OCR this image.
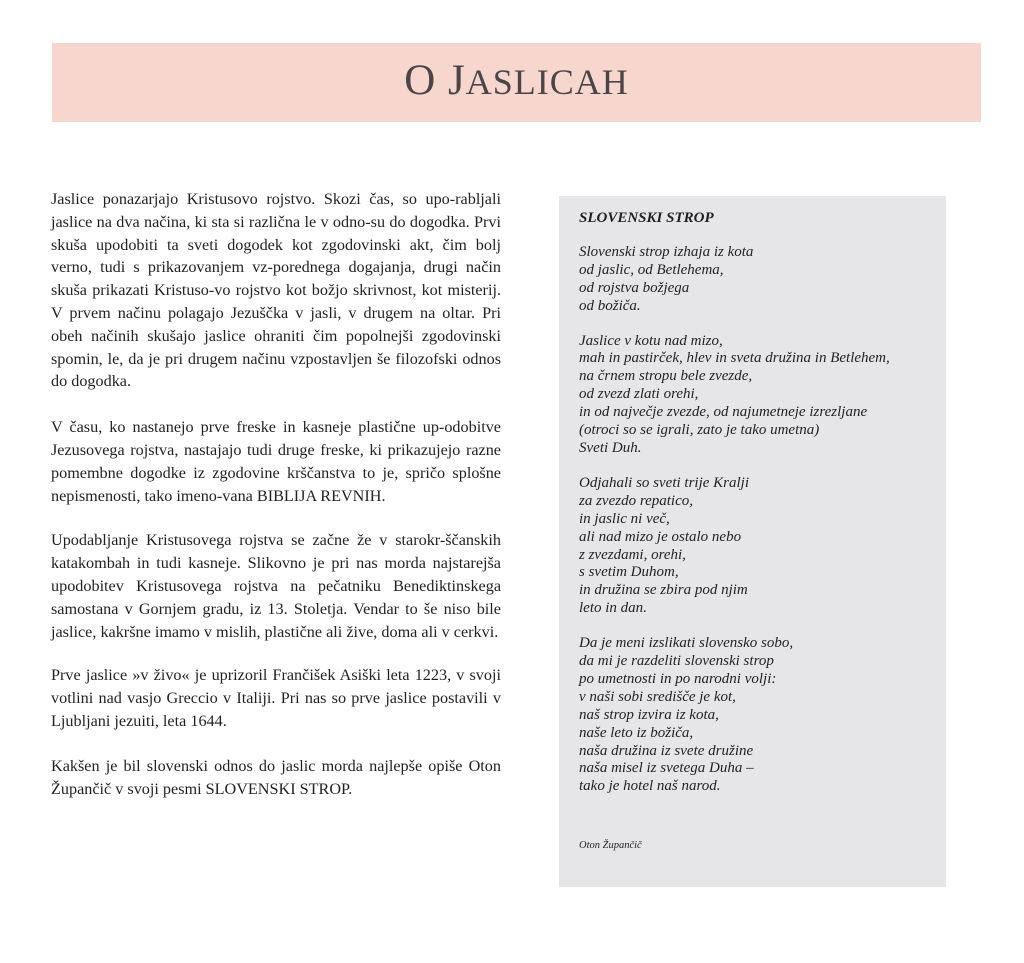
O JASLICAH

Jaslice ponazarjajo Kristusovo rojstvo. Skozi čas, so upo-rabljali jaslice na dva načina, ki sta si različna le v odno-su do dogodka. Prvi skuša upodobiti ta sveti dogodek kot zgodovinski akt, čim bolj verno, tudi s prikazovanjem vz-porednega dogajanja, drugi način skuša prikazati Kristuso-vo rojstvo kot božjo skrivnost, kot misterij. V prvem načinu polagajo Jezuščka v jasli, v drugem na oltar. Pri obeh načinih skušajo jaslice ohraniti čim popolnejši zgodovinski spomin, le, da je pri drugem načinu vzpostavljen še filozofski odnos do dogodka.

V času, ko nastanejo prve freske in kasneje plastične up-odobitve Jezusovega rojstva, nastajajo tudi druge freske, ki prikazujejo razne pomembne dogodke iz zgodovine krščanstva to je, spričo splošne nepismenosti, tako imeno-vana BIBLIJA REVNIH.

Upodabljanje Kristusovega rojstva se začne že v starokr-ščanskih katakombah in tudi kasneje. Slikovno je pri nas morda najstarejša upodobitev Kristusovega rojstva na pečatniku Benediktinskega samostana v Gornjem gradu, iz 13. Stoletja. Vendar to še niso bile jaslice, kakršne imamo v mislih, plastične ali žive, doma ali v cerkvi.

Prve jaslice »v živo« je uprizoril Frančišek Asiški leta 1223, v svoji votlini nad vasjo Greccio v Italiji. Pri nas so prve jaslice postavili v Ljubljani jezuiti, leta 1644.

Kakšen je bil slovenski odnos do jaslic morda najlepše opiše Oton Župančič v svoji pesmi SLOVENSKI STROP.

SLOVENSKI STROP
Slovenski strop izhaja iz kota
od jaslic, od Betlehema,
od rojstva božjega
od božiča.
Jaslice v kotu nad mizo,
mah in pastirček, hlev in sveta družina in Betlehem,
na črnem stropu bele zvezde,
od zvezd zlati orehi,
in od največje zvezde, od najumetneje izrezljane
(otroci so se igrali, zato je tako umetna)
Sveti Duh.
Odjahali so sveti trije Kralji
za zvezdo repatico,
in jaslic ni več,
ali nad mizo je ostalo nebo
z zvezdami, orehi,
s svetim Duhom,
in družina se zbira pod njim
leto in dan.
Da je meni izslikati slovensko sobo,
da mi je razdeliti slovenski strop
po umetnosti in po narodni volji:
v naši sobi središče je kot,
naš strop izvira iz kota,
naše leto iz božiča,
naša družina iz svete družine
naša misel iz svetega Duha –
tako je hotel naš narod.
Oton Župančič
